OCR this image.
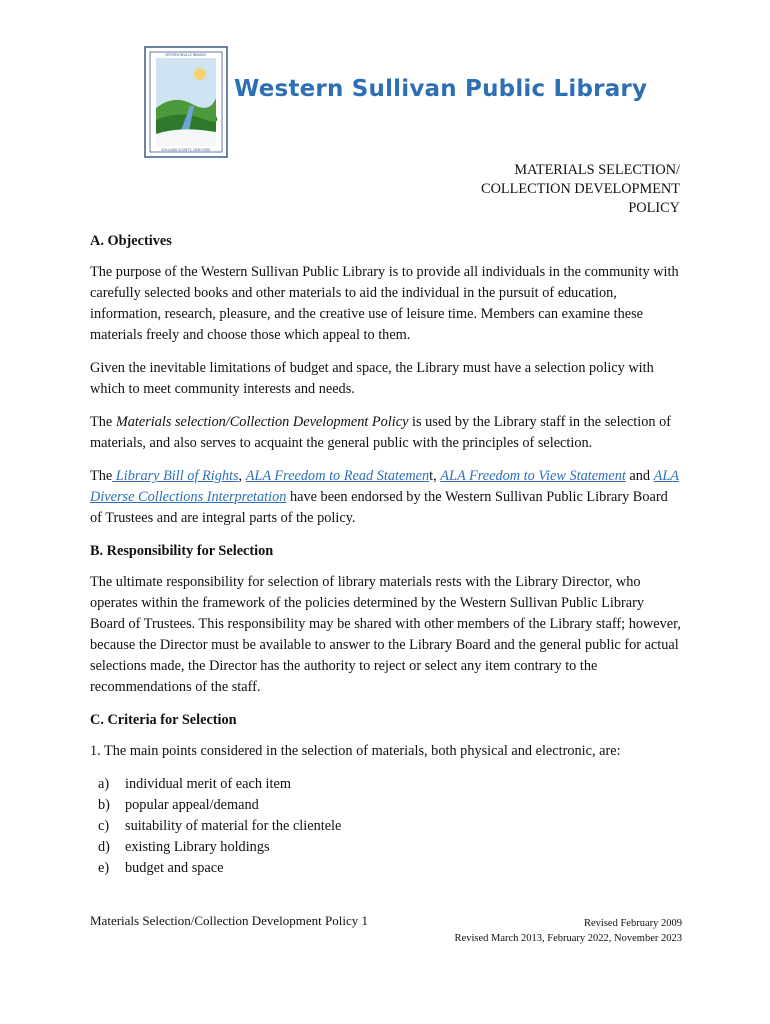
JEFFERSONVILLE BRANCH
SULLIVAN COUNTY, NEW YORK
Western Sullivan Public Library
MATERIALS SELECTION/
COLLECTION DEVELOPMENT
POLICY
A. Objectives

The purpose of the Western Sullivan Public Library is to provide all individuals in the community with carefully selected books and other materials to aid the individual in the pursuit of education, information, research, pleasure, and the creative use of leisure time. Members can examine these materials freely and choose those which appeal to them.

Given the inevitable limitations of budget and space, the Library must have a selection policy with which to meet community interests and needs.

The Materials selection/Collection Development Policy is used by the Library staff in the selection of materials, and also serves to acquaint the general public with the principles of selection.

The Library Bill of Rights, ALA Freedom to Read Statement, ALA Freedom to View Statement and ALA Diverse Collections Interpretation have been endorsed by the Western Sullivan Public Library Board of Trustees and are integral parts of the policy.

B. Responsibility for Selection

The ultimate responsibility for selection of library materials rests with the Library Director, who operates within the framework of the policies determined by the Western Sullivan Public Library Board of Trustees. This responsibility may be shared with other members of the Library staff; however, because the Director must be available to answer to the Library Board and the general public for actual selections made, the Director has the authority to reject or select any item contrary to the recommendations of the staff.

C. Criteria for Selection

1. The main points considered in the selection of materials, both physical and electronic, are:

a)	individual merit of each item
b)	popular appeal/demand
c)	suitability of material for the clientele
d)	existing Library holdings
e)	budget and space
Materials Selection/Collection Development Policy 1	Revised February 2009
Revised March 2013, February 2022, November 2023
